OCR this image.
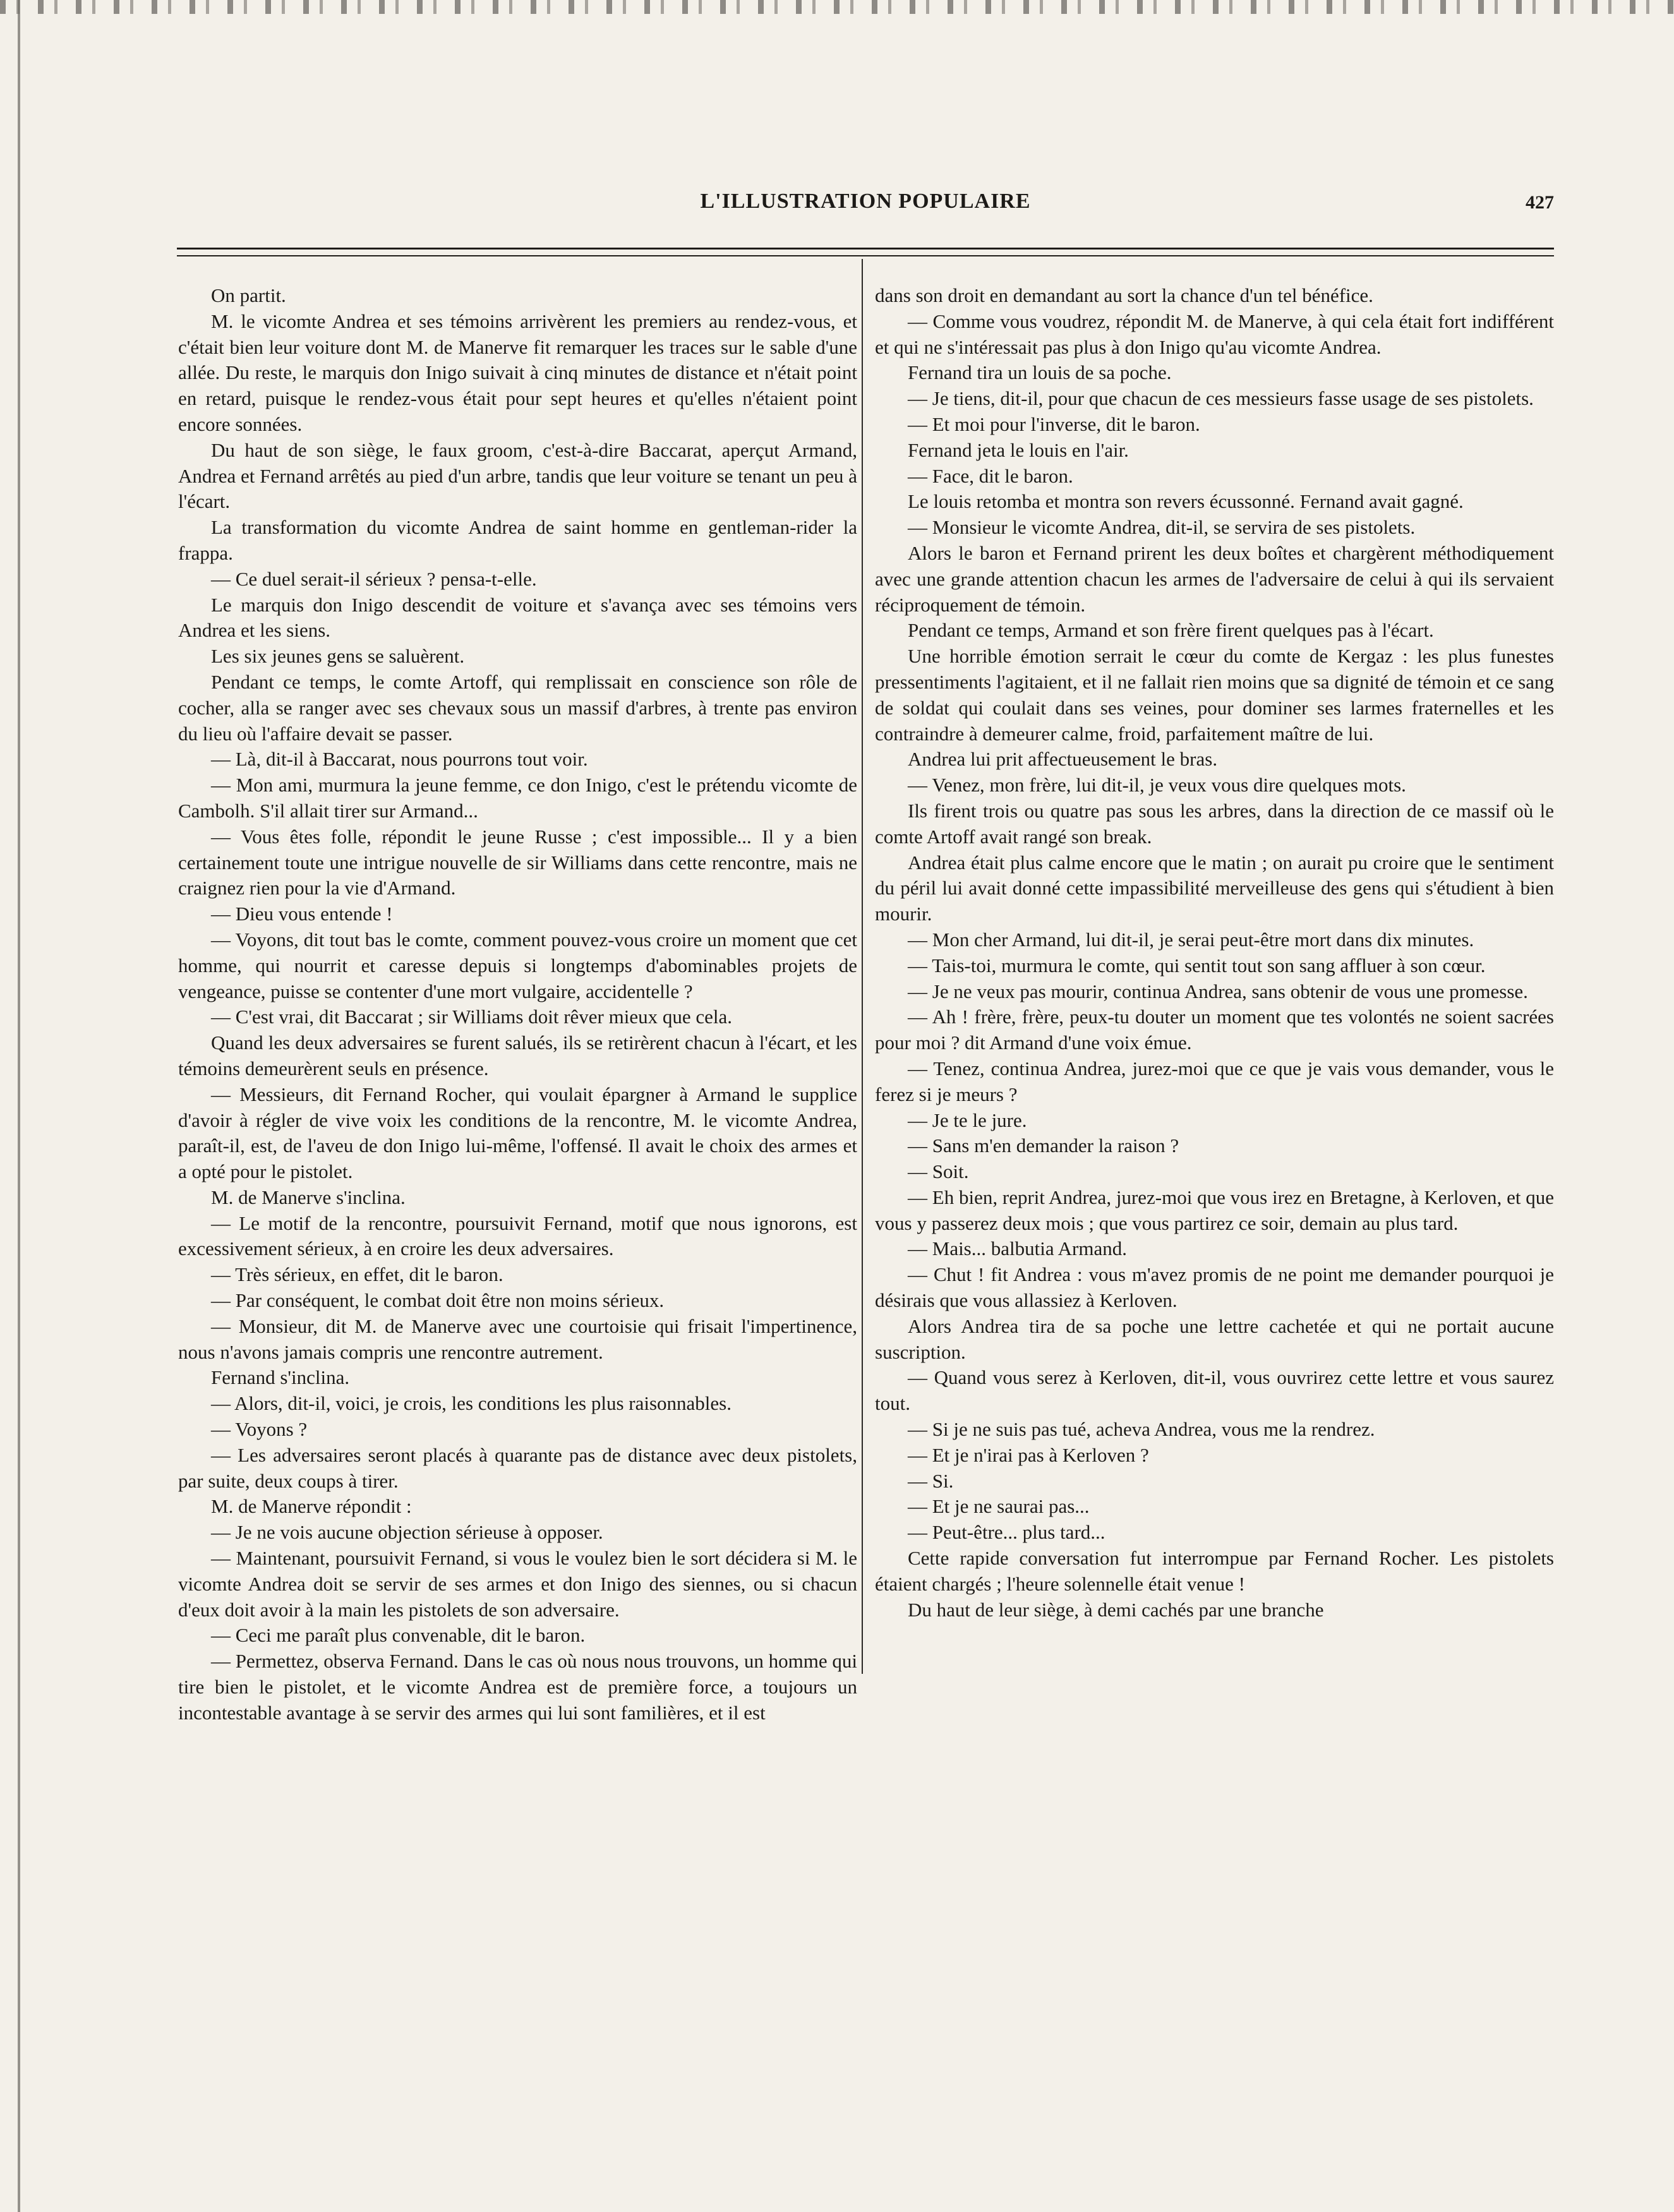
L'ILLUSTRATION POPULAIRE	427

On partit.

M. le vicomte Andrea et ses témoins arrivèrent les premiers au rendez-vous, et c'était bien leur voiture dont M. de Manerve fit remarquer les traces sur le sable d'une allée. Du reste, le marquis don Inigo suivait à cinq minutes de distance et n'était point en retard, puisque le rendez-vous était pour sept heures et qu'elles n'étaient point encore sonnées.

Du haut de son siège, le faux groom, c'est-à-dire Baccarat, aperçut Armand, Andrea et Fernand arrêtés au pied d'un arbre, tandis que leur voiture se tenant un peu à l'écart.

La transformation du vicomte Andrea de saint homme en gentleman-rider la frappa.

— Ce duel serait-il sérieux ? pensa-t-elle.

Le marquis don Inigo descendit de voiture et s'avança avec ses témoins vers Andrea et les siens.

Les six jeunes gens se saluèrent.

Pendant ce temps, le comte Artoff, qui remplissait en conscience son rôle de cocher, alla se ranger avec ses chevaux sous un massif d'arbres, à trente pas environ du lieu où l'affaire devait se passer.

— Là, dit-il à Baccarat, nous pourrons tout voir.

— Mon ami, murmura la jeune femme, ce don Inigo, c'est le prétendu vicomte de Cambolh. S'il allait tirer sur Armand...

— Vous êtes folle, répondit le jeune Russe ; c'est impossible... Il y a bien certainement toute une intrigue nouvelle de sir Williams dans cette rencontre, mais ne craignez rien pour la vie d'Armand.

— Dieu vous entende !

— Voyons, dit tout bas le comte, comment pouvez-vous croire un moment que cet homme, qui nourrit et caresse depuis si longtemps d'abominables projets de vengeance, puisse se contenter d'une mort vulgaire, accidentelle ?

— C'est vrai, dit Baccarat ; sir Williams doit rêver mieux que cela.

Quand les deux adversaires se furent salués, ils se retirèrent chacun à l'écart, et les témoins demeurèrent seuls en présence.

— Messieurs, dit Fernand Rocher, qui voulait épargner à Armand le supplice d'avoir à régler de vive voix les conditions de la rencontre, M. le vicomte Andrea, paraît-il, est, de l'aveu de don Inigo lui-même, l'offensé. Il avait le choix des armes et a opté pour le pistolet.

M. de Manerve s'inclina.

— Le motif de la rencontre, poursuivit Fernand, motif que nous ignorons, est excessivement sérieux, à en croire les deux adversaires.

— Très sérieux, en effet, dit le baron.

— Par conséquent, le combat doit être non moins sérieux.

— Monsieur, dit M. de Manerve avec une courtoisie qui frisait l'impertinence, nous n'avons jamais compris une rencontre autrement.

Fernand s'inclina.

— Alors, dit-il, voici, je crois, les conditions les plus raisonnables.

— Voyons ?

— Les adversaires seront placés à quarante pas de distance avec deux pistolets, par suite, deux coups à tirer.

M. de Manerve répondit :

— Je ne vois aucune objection sérieuse à opposer.

— Maintenant, poursuivit Fernand, si vous le voulez bien le sort décidera si M. le vicomte Andrea doit se servir de ses armes et don Inigo des siennes, ou si chacun d'eux doit avoir à la main les pistolets de son adversaire.

— Ceci me paraît plus convenable, dit le baron.

— Permettez, observa Fernand. Dans le cas où nous nous trouvons, un homme qui tire bien le pistolet, et le vicomte Andrea est de première force, a toujours un incontestable avantage à se servir des armes qui lui sont familières, et il est

dans son droit en demandant au sort la chance d'un tel bénéfice.

— Comme vous voudrez, répondit M. de Manerve, à qui cela était fort indifférent et qui ne s'intéressait pas plus à don Inigo qu'au vicomte Andrea.

Fernand tira un louis de sa poche.

— Je tiens, dit-il, pour que chacun de ces messieurs fasse usage de ses pistolets.

— Et moi pour l'inverse, dit le baron.

Fernand jeta le louis en l'air.

— Face, dit le baron.

Le louis retomba et montra son revers écussonné. Fernand avait gagné.

— Monsieur le vicomte Andrea, dit-il, se servira de ses pistolets.

Alors le baron et Fernand prirent les deux boîtes et chargèrent méthodiquement avec une grande attention chacun les armes de l'adversaire de celui à qui ils servaient réciproquement de témoin.

Pendant ce temps, Armand et son frère firent quelques pas à l'écart.

Une horrible émotion serrait le cœur du comte de Kergaz : les plus funestes pressentiments l'agitaient, et il ne fallait rien moins que sa dignité de témoin et ce sang de soldat qui coulait dans ses veines, pour dominer ses larmes fraternelles et les contraindre à demeurer calme, froid, parfaitement maître de lui.

Andrea lui prit affectueusement le bras.

— Venez, mon frère, lui dit-il, je veux vous dire quelques mots.

Ils firent trois ou quatre pas sous les arbres, dans la direction de ce massif où le comte Artoff avait rangé son break.

Andrea était plus calme encore que le matin ; on aurait pu croire que le sentiment du péril lui avait donné cette impassibilité merveilleuse des gens qui s'étudient à bien mourir.

— Mon cher Armand, lui dit-il, je serai peut-être mort dans dix minutes.

— Tais-toi, murmura le comte, qui sentit tout son sang affluer à son cœur.

— Je ne veux pas mourir, continua Andrea, sans obtenir de vous une promesse.

— Ah ! frère, frère, peux-tu douter un moment que tes volontés ne soient sacrées pour moi ? dit Armand d'une voix émue.

— Tenez, continua Andrea, jurez-moi que ce que je vais vous demander, vous le ferez si je meurs ?

— Je te le jure.

— Sans m'en demander la raison ?

— Soit.

— Eh bien, reprit Andrea, jurez-moi que vous irez en Bretagne, à Kerloven, et que vous y passerez deux mois ; que vous partirez ce soir, demain au plus tard.

— Mais... balbutia Armand.

— Chut ! fit Andrea : vous m'avez promis de ne point me demander pourquoi je désirais que vous allassiez à Kerloven.

Alors Andrea tira de sa poche une lettre cachetée et qui ne portait aucune suscription.

— Quand vous serez à Kerloven, dit-il, vous ouvrirez cette lettre et vous saurez tout.

— Si je ne suis pas tué, acheva Andrea, vous me la rendrez.

— Et je n'irai pas à Kerloven ?

— Si.

— Et je ne saurai pas...

— Peut-être... plus tard...

Cette rapide conversation fut interrompue par Fernand Rocher. Les pistolets étaient chargés ; l'heure solennelle était venue !

Du haut de leur siège, à demi cachés par une branche
